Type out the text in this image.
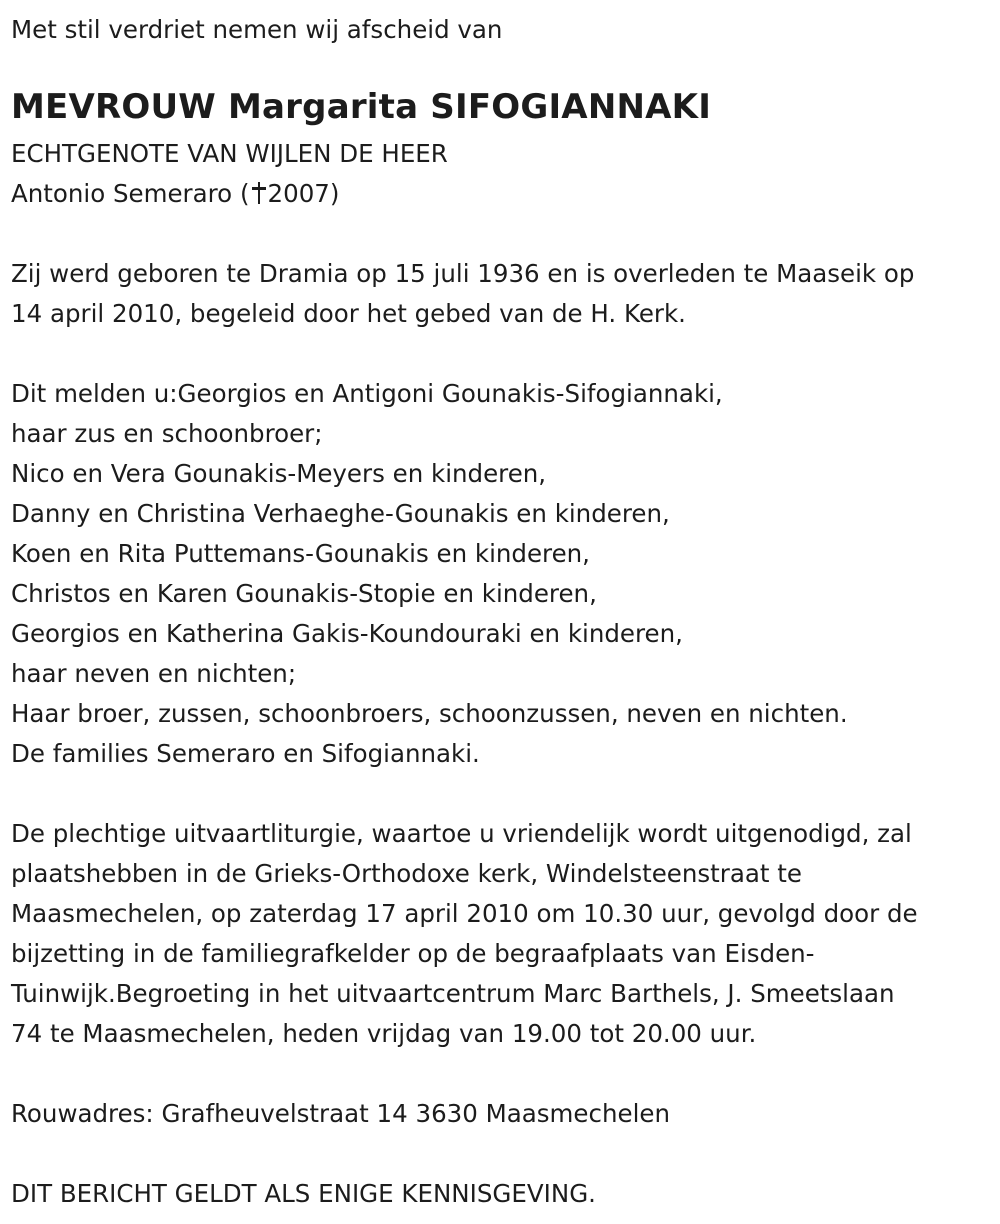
Met stil verdriet nemen wij afscheid van
MEVROUW Margarita SIFOGIANNAKI
ECHTGENOTE VAN WIJLEN DE HEER
Antonio Semeraro ( 2007)
Zij werd geboren te Dramia op 15 juli 1936 en is overleden te Maaseik op
14 april 2010, begeleid door het gebed van de H. Kerk.
Dit melden u:Georgios en Antigoni Gounakis-Sifogiannaki,
haar zus en schoonbroer;
Nico en Vera Gounakis-Meyers en kinderen,
Danny en Christina Verhaeghe-Gounakis en kinderen,
Koen en Rita Puttemans-Gounakis en kinderen,
Christos en Karen Gounakis-Stopie en kinderen,
Georgios en Katherina Gakis-Koundouraki en kinderen,
haar neven en nichten;
Haar broer, zussen, schoonbroers, schoonzussen, neven en nichten.
De families Semeraro en Sifogiannaki.
De plechtige uitvaartliturgie, waartoe u vriendelijk wordt uitgenodigd, zal
plaatshebben in de Grieks-Orthodoxe kerk, Windelsteenstraat te
Maasmechelen, op zaterdag 17 april 2010 om 10.30 uur, gevolgd door de
bijzetting in de familiegrafkelder op de begraafplaats van Eisden-
Tuinwijk.Begroeting in het uitvaartcentrum Marc Barthels, J. Smeetslaan
74 te Maasmechelen, heden vrijdag van 19.00 tot 20.00 uur.
Rouwadres: Grafheuvelstraat 14 3630 Maasmechelen
DIT BERICHT GELDT ALS ENIGE KENNISGEVING.
